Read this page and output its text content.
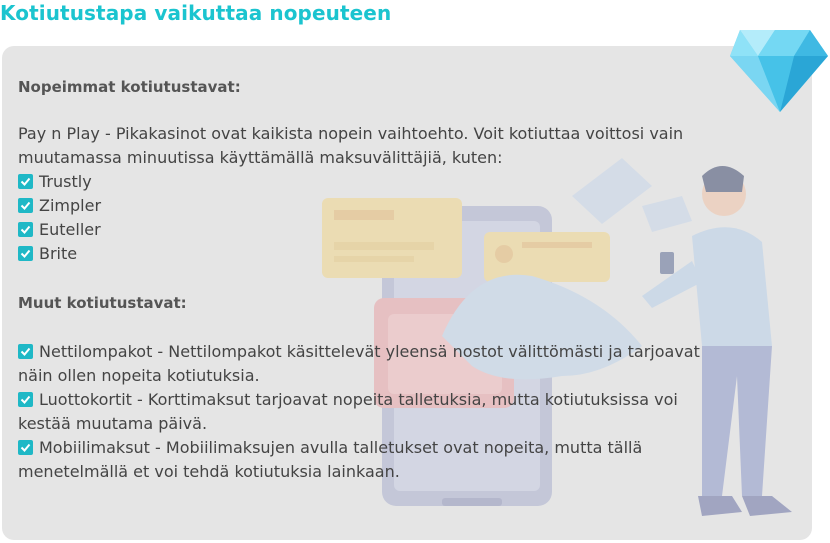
Kotiutustapa vaikuttaa nopeuteen
Nopeimmat kotiutustavat:

Pay n Play - Pikakasinot ovat kaikista nopein vaihtoehto. Voit kotiuttaa voittosi vain

muutamassa minuutissa käyttämällä maksuvälittäjiä, kuten:

Trustly
Zimpler
Euteller
Brite
Muut kotiutustavat:
Nettilompakot - Nettilompakot käsittelevät yleensä nostot välittömästi ja tarjoavat

näin ollen nopeita kotiutuksia.

Luottokortit - Korttimaksut tarjoavat nopeita talletuksia, mutta kotiutuksissa voi

kestää muutama päivä.

Mobiilimaksut - Mobiilimaksujen avulla talletukset ovat nopeita, mutta tällä

menetelmällä et voi tehdä kotiutuksia lainkaan.
